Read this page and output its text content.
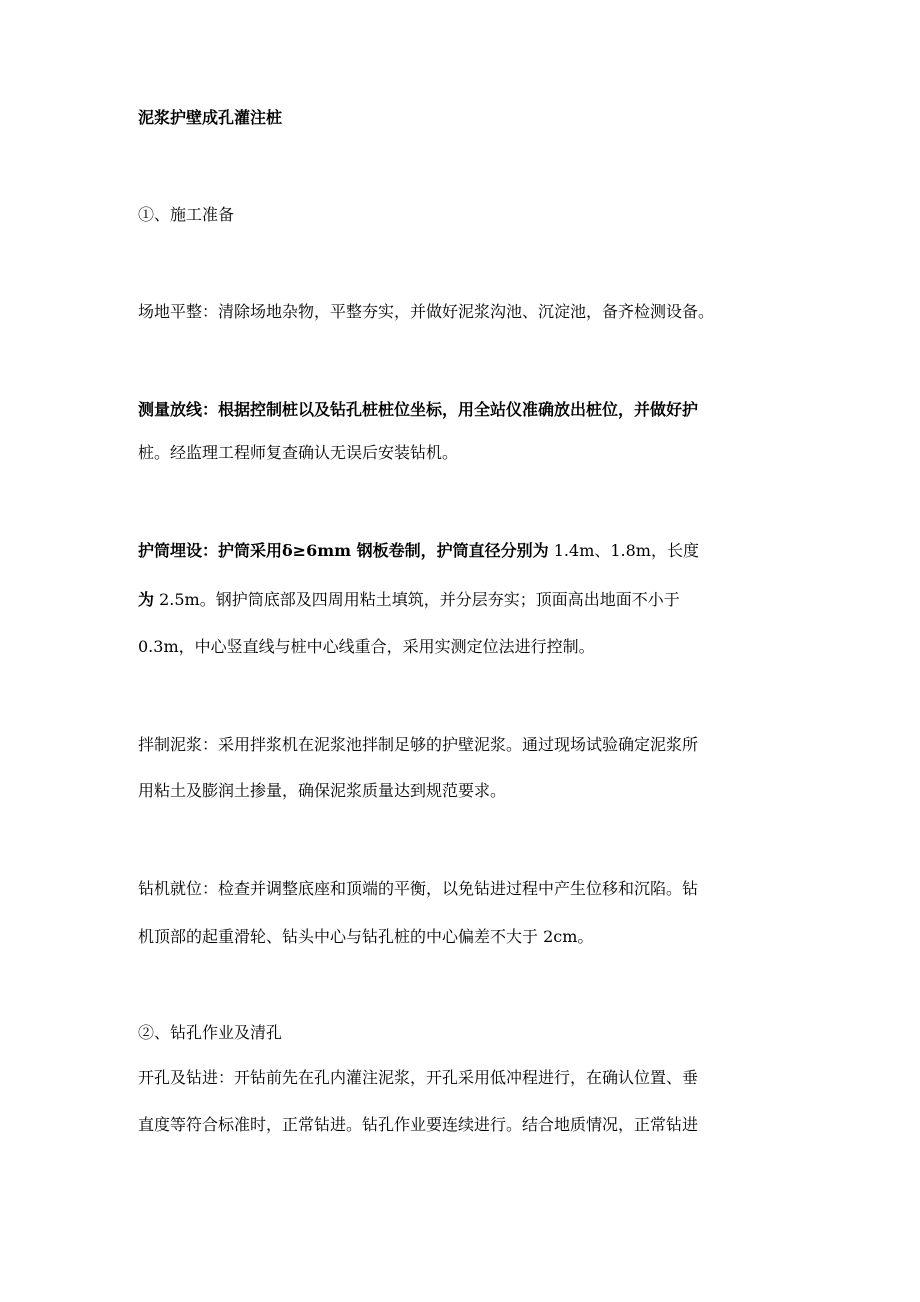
泥浆护壁成孔灌注桩
①、施工准备
场地平整：清除场地杂物，平整夯实，并做好泥浆沟池、沉淀池，备齐检测设备。
测量放线：根据控制桩以及钻孔桩桩位坐标，用全站仪准确放出桩位，并做好护
桩。经监理工程师复查确认无误后安装钻机。
护筒埋设：护筒采用δ≥6mm 钢板卷制，护筒直径分别为 1.4m、1.8m，长度
为 2.5m。钢护筒底部及四周用粘土填筑，并分层夯实；顶面高出地面不小于
0.3m，中心竖直线与桩中心线重合，采用实测定位法进行控制。
拌制泥浆：采用拌浆机在泥浆池拌制足够的护壁泥浆。通过现场试验确定泥浆所
用粘土及膨润土掺量，确保泥浆质量达到规范要求。
钻机就位：检查并调整底座和顶端的平衡，以免钻进过程中产生位移和沉陷。钻
机顶部的起重滑轮、钻头中心与钻孔桩的中心偏差不大于 2cm。
②、钻孔作业及清孔
开孔及钻进：开钻前先在孔内灌注泥浆，开孔采用低冲程进行，在确认位置、垂
直度等符合标准时，正常钻进。钻孔作业要连续进行。结合地质情况，正常钻进
